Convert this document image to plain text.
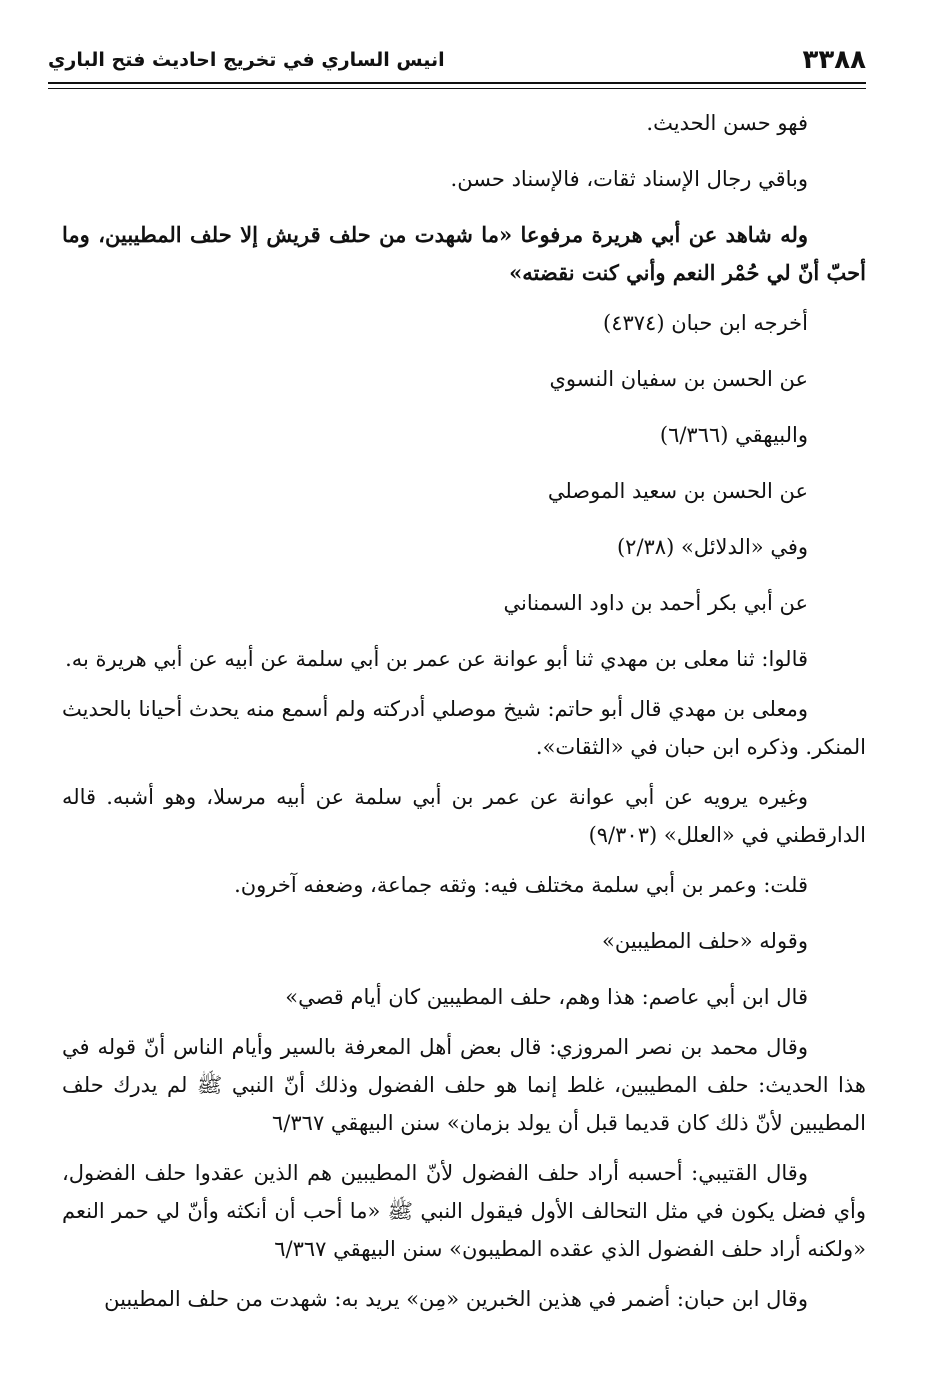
٣٣٨٨
انيس الساري في تخريج احاديث فتح الباري

فهو حسن الحديث.

وباقي رجال الإسناد ثقات، فالإسناد حسن.

وله شاهد عن أبي هريرة مرفوعا «ما شهدت من حلف قريش إلا حلف المطيبين، وما أحبّ أنّ لي حُمْر النعم وأني كنت نقضته»

أخرجه ابن حبان (٤٣٧٤)

عن الحسن بن سفيان النسوي

والبيهقي (٦/٣٦٦)

عن الحسن بن سعيد الموصلي

وفي «الدلائل» (٢/٣٨)

عن أبي بكر أحمد بن داود السمناني

قالوا: ثنا معلى بن مهدي ثنا أبو عوانة عن عمر بن أبي سلمة عن أبيه عن أبي هريرة به.

ومعلى بن مهدي قال أبو حاتم: شيخ موصلي أدركته ولم أسمع منه يحدث أحيانا بالحديث المنكر. وذكره ابن حبان في «الثقات».

وغيره يرويه عن أبي عوانة عن عمر بن أبي سلمة عن أبيه مرسلا، وهو أشبه. قاله الدارقطني في «العلل» (٩/٣٠٣)

قلت: وعمر بن أبي سلمة مختلف فيه: وثقه جماعة، وضعفه آخرون.

وقوله «حلف المطيبين»

قال ابن أبي عاصم: هذا وهم، حلف المطيبين كان أيام قصي»

وقال محمد بن نصر المروزي: قال بعض أهل المعرفة بالسير وأيام الناس أنّ قوله في هذا الحديث: حلف المطيبين، غلط إنما هو حلف الفضول وذلك أنّ النبي ﷺ لم يدرك حلف المطيبين لأنّ ذلك كان قديما قبل أن يولد بزمان» سنن البيهقي ٦/٣٦٧

وقال القتيبي: أحسبه أراد حلف الفضول لأنّ المطيبين هم الذين عقدوا حلف الفضول، وأي فضل يكون في مثل التحالف الأول فيقول النبي ﷺ «ما أحب أن أنكثه وأنّ لي حمر النعم «ولكنه أراد حلف الفضول الذي عقده المطيبون» سنن البيهقي ٦/٣٦٧

وقال ابن حبان: أضمر في هذين الخبرين «مِن» يريد به: شهدت من حلف المطيبين
